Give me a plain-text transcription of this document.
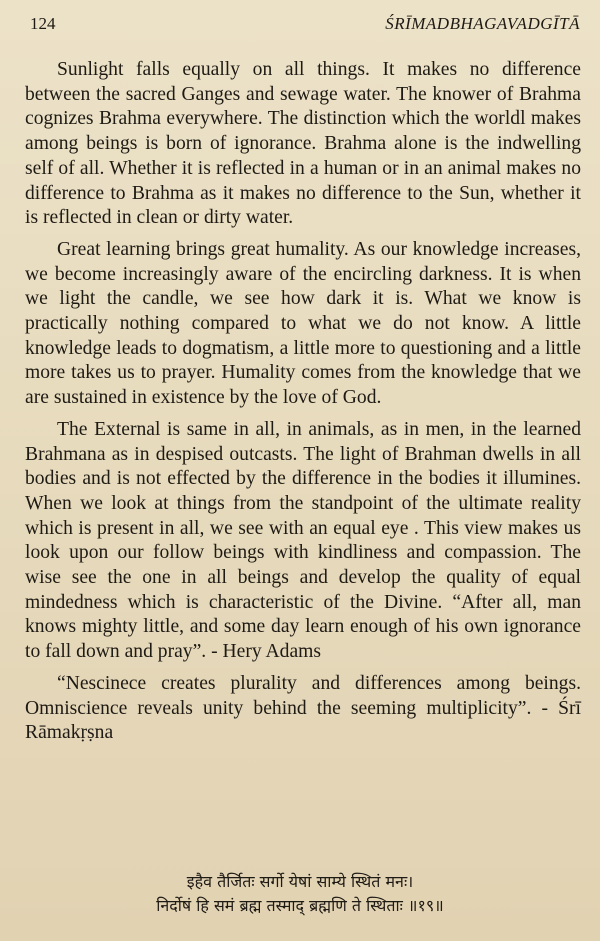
124	ŚRĪMADBHAGAVADGĪTĀ

Sunlight falls equally on all things. It makes no difference between the sacred Ganges and sewage water. The knower of Brahma cognizes Brahma everywhere. The distinction which the worldl makes among beings is born of ignorance. Brahma alone is the indwelling self of all. Whether it is reflected in a human or in an animal makes no difference to Brahma as it makes no difference to the Sun, whether it is reflected in clean or dirty water.

Great learning brings great humality. As our knowledge increases, we become increasingly aware of the encircling darkness. It is when we light the candle, we see how dark it is. What we know is practically nothing compared to what we do not know. A little knowledge leads to dogmatism, a little more to questioning and a little more takes us to prayer. Humality comes from the knowledge that we are sustained in existence by the love of God.

The External is same in all, in animals, as in men, in the learned Brahmana as in despised outcasts. The light of Brahman dwells in all bodies and is not effected by the difference in the bodies it illumines. When we look at things from the standpoint of the ultimate reality which is present in all, we see with an equal eye . This view makes us look upon our follow beings with kindliness and compassion. The wise see the one in all beings and develop the quality of equal mindedness which is characteristic of the Divine. “After all, man knows mighty little, and some day learn enough of his own ignorance to fall down and pray”. - Hery Adams

“Nescinece creates plurality and differences among beings. Omniscience reveals unity behind the seeming multiplicity”. - Śrī Rāmakṛṣna

इहैव तैर्जितः सर्गो येषां साम्ये स्थितं मनः।
निर्दोषं हि समं ब्रह्म तस्माद् ब्रह्मणि ते स्थिताः ॥१९॥
